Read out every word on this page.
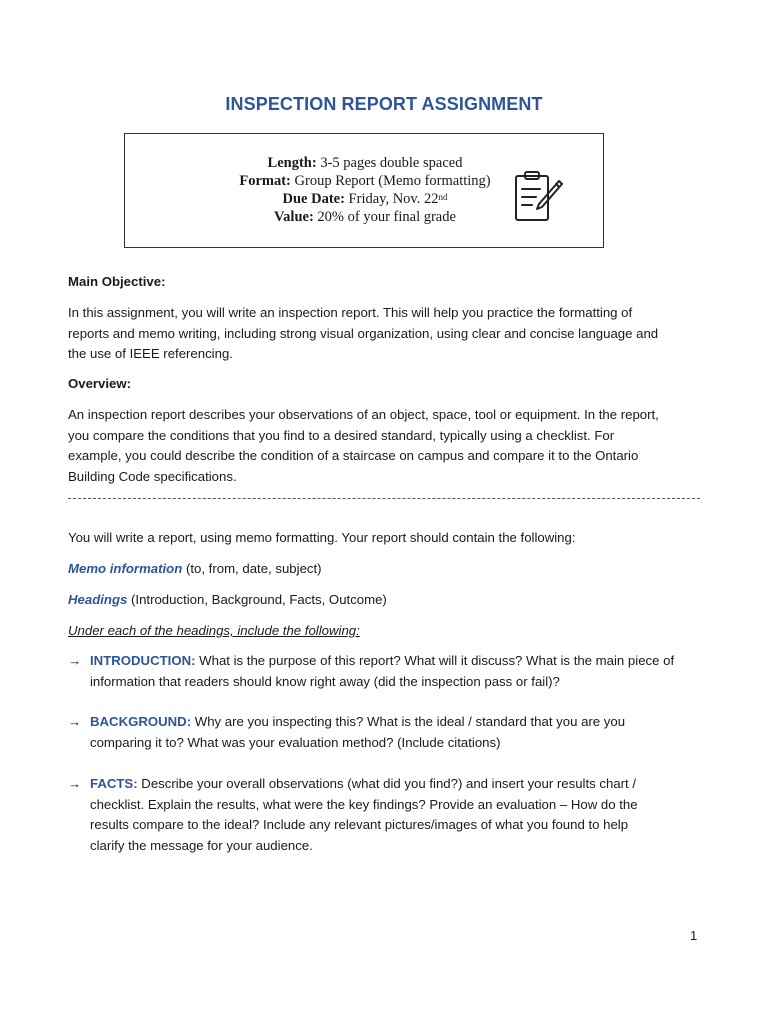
INSPECTION REPORT ASSIGNMENT
Length: 3-5 pages double spaced
Format: Group Report (Memo formatting)
Due Date: Friday, Nov. 22nd
Value: 20% of your final grade
Main Objective:
In this assignment, you will write an inspection report. This will help you practice the formatting of
reports and memo writing, including strong visual organization, using clear and concise language and
the use of IEEE referencing.
Overview:
An inspection report describes your observations of an object, space, tool or equipment. In the report,
you compare the conditions that you find to a desired standard, typically using a checklist. For
example, you could describe the condition of a staircase on campus and compare it to the Ontario
Building Code specifications.
You will write a report, using memo formatting. Your report should contain the following:
Memo information (to, from, date, subject)
Headings (Introduction, Background, Facts, Outcome)
Under each of the headings, include the following:
→ INTRODUCTION: What is the purpose of this report? What will it discuss? What is the main piece of
information that readers should know right away (did the inspection pass or fail)?
→ BACKGROUND: Why are you inspecting this? What is the ideal / standard that you are you
comparing it to? What was your evaluation method? (Include citations)
→ FACTS: Describe your overall observations (what did you find?) and insert your results chart /
checklist. Explain the results, what were the key findings? Provide an evaluation – How do the
results compare to the ideal? Include any relevant pictures/images of what you found to help
clarify the message for your audience.
1
